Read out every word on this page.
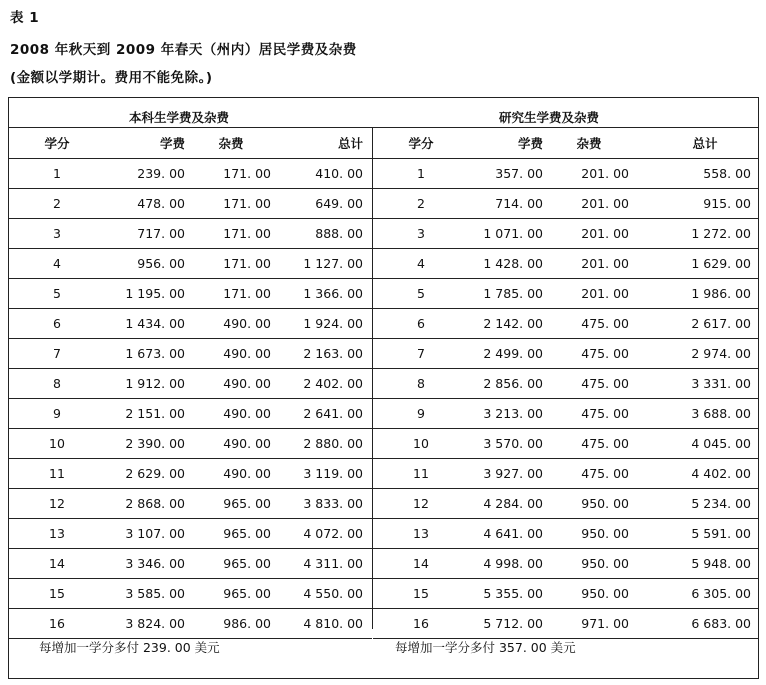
表 1
2008 年秋天到 2009 年春天（州内）居民学费及杂费
(金额以学期计。费用不能免除。)
本科生学费及杂费	研究生学费及杂费
学分	学费	杂费	总计
1	239. 00	171. 00	410. 00
2	478. 00	171. 00	649. 00
3	717. 00	171. 00	888. 00
4	956. 00	171. 00	1 127. 00
5	1 195. 00	171. 00	1 366. 00
6	1 434. 00	490. 00	1 924. 00
7	1 673. 00	490. 00	2 163. 00
8	1 912. 00	490. 00	2 402. 00
9	2 151. 00	490. 00	2 641. 00
10	2 390. 00	490. 00	2 880. 00
11	2 629. 00	490. 00	3 119. 00
12	2 868. 00	965. 00	3 833. 00
13	3 107. 00	965. 00	4 072. 00
14	3 346. 00	965. 00	4 311. 00
15	3 585. 00	965. 00	4 550. 00
16	3 824. 00	986. 00	4 810. 00
学分	学费	杂费	总计
1	357. 00	201. 00	558. 00
2	714. 00	201. 00	915. 00
3	1 071. 00	201. 00	1 272. 00
4	1 428. 00	201. 00	1 629. 00
5	1 785. 00	201. 00	1 986. 00
6	2 142. 00	475. 00	2 617. 00
7	2 499. 00	475. 00	2 974. 00
8	2 856. 00	475. 00	3 331. 00
9	3 213. 00	475. 00	3 688. 00
10	3 570. 00	475. 00	4 045. 00
11	3 927. 00	475. 00	4 402. 00
12	4 284. 00	950. 00	5 234. 00
13	4 641. 00	950. 00	5 591. 00
14	4 998. 00	950. 00	5 948. 00
15	5 355. 00	950. 00	6 305. 00
16	5 712. 00	971. 00	6 683. 00
每增加一学分多付 239. 00 美元	每增加一学分多付 357. 00 美元
